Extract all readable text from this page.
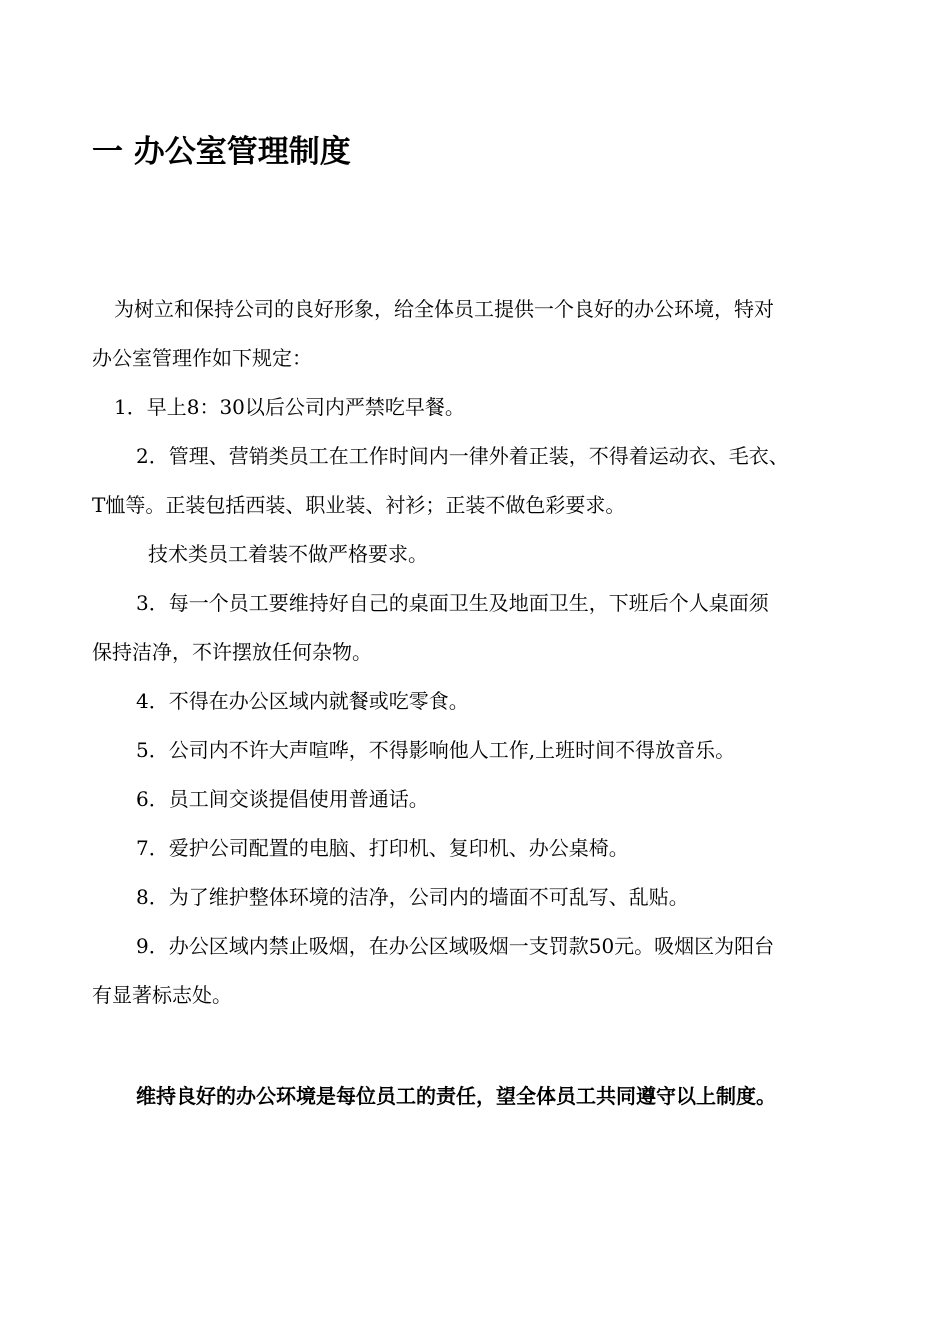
一 办公室管理制度
为树立和保持公司的良好形象，给全体员工提供一个良好的办公环境，特对
办公室管理作如下规定：
1．早上8：30以后公司内严禁吃早餐。
2．管理、营销类员工在工作时间内一律外着正装，不得着运动衣、毛衣、
T恤等。正装包括西装、职业装、衬衫；正装不做色彩要求。
技术类员工着装不做严格要求。
3．每一个员工要维持好自己的桌面卫生及地面卫生，下班后个人桌面须
保持洁净，不许摆放任何杂物。
4．不得在办公区域内就餐或吃零食。
5．公司内不许大声喧哗，不得影响他人工作,上班时间不得放音乐。
6．员工间交谈提倡使用普通话。
7．爱护公司配置的电脑、打印机、复印机、办公桌椅。
8．为了维护整体环境的洁净，公司内的墙面不可乱写、乱贴。
9．办公区域内禁止吸烟，在办公区域吸烟一支罚款50元。吸烟区为阳台
有显著标志处。
维持良好的办公环境是每位员工的责任，望全体员工共同遵守以上制度。
